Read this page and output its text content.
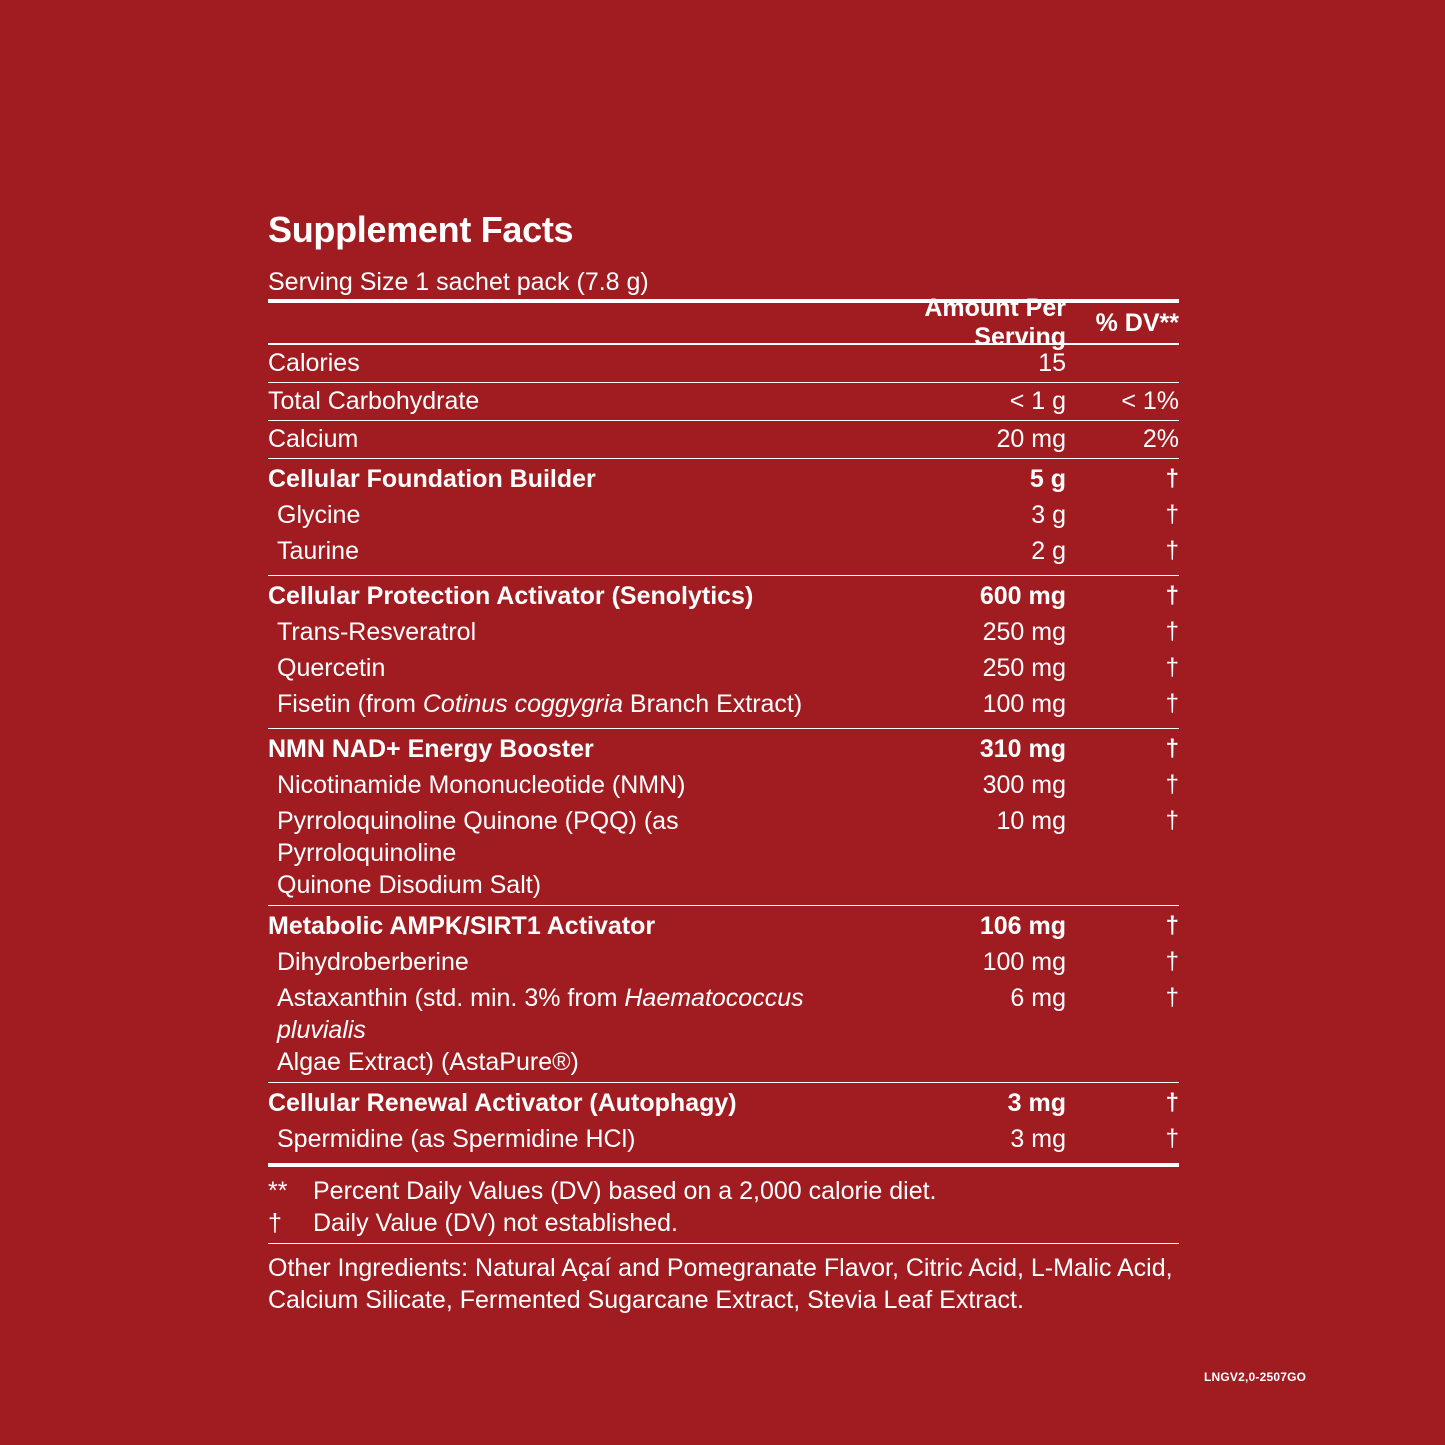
Supplement Facts
Serving Size 1 sachet pack (7.8 g)
Amount Per Serving
% DV**
Calories	15
Total Carbohydrate	< 1 g	< 1%
Calcium	20 mg	2%
Cellular Foundation Builder	5 g	†
Glycine	3 g	†
Taurine	2 g	†
Cellular Protection Activator (Senolytics)	600 mg	†
Trans-Resveratrol	250 mg	†
Quercetin	250 mg	†
Fisetin (from Cotinus coggygria Branch Extract)	100 mg	†
NMN NAD+ Energy Booster	310 mg	†
Nicotinamide Mononucleotide (NMN)	300 mg	†
Pyrroloquinoline Quinone (PQQ) (as Pyrroloquinoline
Quinone Disodium Salt)
10 mg	†
Metabolic AMPK/SIRT1 Activator	106 mg	†
Dihydroberberine	100 mg	†
Astaxanthin (std. min. 3% from Haematococcus pluvialis
Algae Extract) (AstaPure®)
6 mg	†
Cellular Renewal Activator (Autophagy)	3 mg	†
Spermidine (as Spermidine HCl)	3 mg	†
**	Percent Daily Values (DV) based on a 2,000 calorie diet.
†	Daily Value (DV) not established.
Other Ingredients: Natural Açaí and Pomegranate Flavor, Citric Acid, L-Malic Acid, Calcium Silicate, Fermented Sugarcane Extract, Stevia Leaf Extract.
LNGV2,0-2507GO
